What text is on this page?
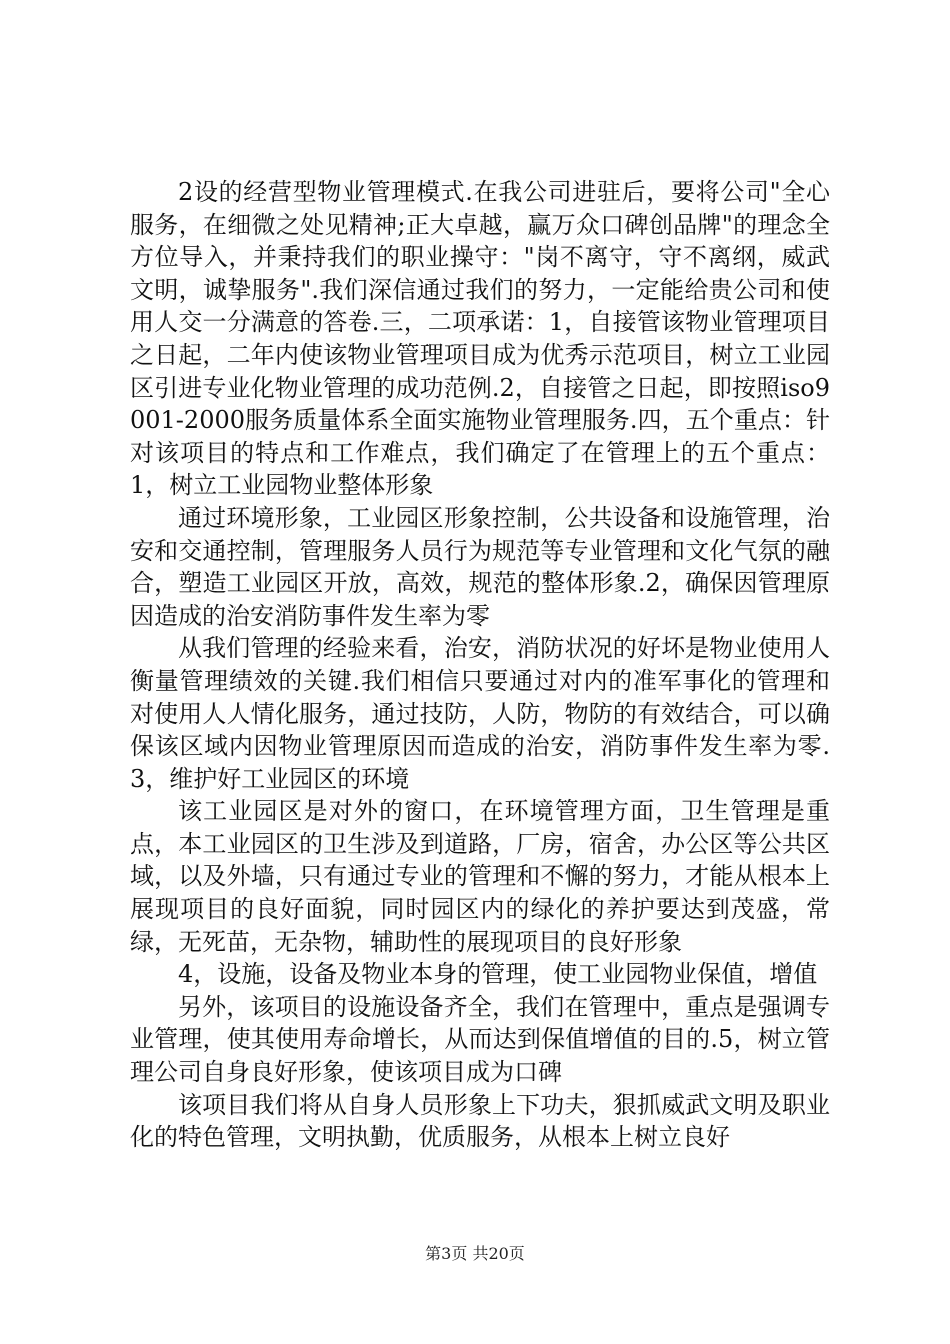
2设的经营型物业管理模式.在我公司进驻后，要将公司"全心服务，在细微之处见精神;正大卓越，赢万众口碑创品牌"的理念全方位导入，并秉持我们的职业操守："岗不离守，守不离纲，威武文明，诚挚服务".我们深信通过我们的努力，一定能给贵公司和使用人交一分满意的答卷.三，二项承诺：1，自接管该物业管理项目之日起，二年内使该物业管理项目成为优秀示范项目，树立工业园区引进专业化物业管理的成功范例.2，自接管之日起，即按照iso9001-2000服务质量体系全面实施物业管理服务.四，五个重点：针对该项目的特点和工作难点，我们确定了在管理上的五个重点：1，树立工业园物业整体形象

通过环境形象，工业园区形象控制，公共设备和设施管理，治安和交通控制，管理服务人员行为规范等专业管理和文化气氛的融合，塑造工业园区开放，高效，规范的整体形象.2，确保因管理原因造成的治安消防事件发生率为零

从我们管理的经验来看，治安，消防状况的好坏是物业使用人衡量管理绩效的关键.我们相信只要通过对内的准军事化的管理和对使用人人情化服务，通过技防，人防，物防的有效结合，可以确保该区域内因物业管理原因而造成的治安，消防事件发生率为零.3，维护好工业园区的环境

该工业园区是对外的窗口，在环境管理方面，卫生管理是重点，本工业园区的卫生涉及到道路，厂房，宿舍，办公区等公共区域，以及外墙，只有通过专业的管理和不懈的努力，才能从根本上展现项目的良好面貌，同时园区内的绿化的养护要达到茂盛，常绿，无死苗，无杂物，辅助性的展现项目的良好形象

4，设施，设备及物业本身的管理，使工业园物业保值，增值

另外，该项目的设施设备齐全，我们在管理中，重点是强调专业管理，使其使用寿命增长，从而达到保值增值的目的.5，树立管理公司自身良好形象，使该项目成为口碑

该项目我们将从自身人员形象上下功夫，狠抓威武文明及职业化的特色管理，文明执勤，优质服务，从根本上树立良好

第3页 共20页
